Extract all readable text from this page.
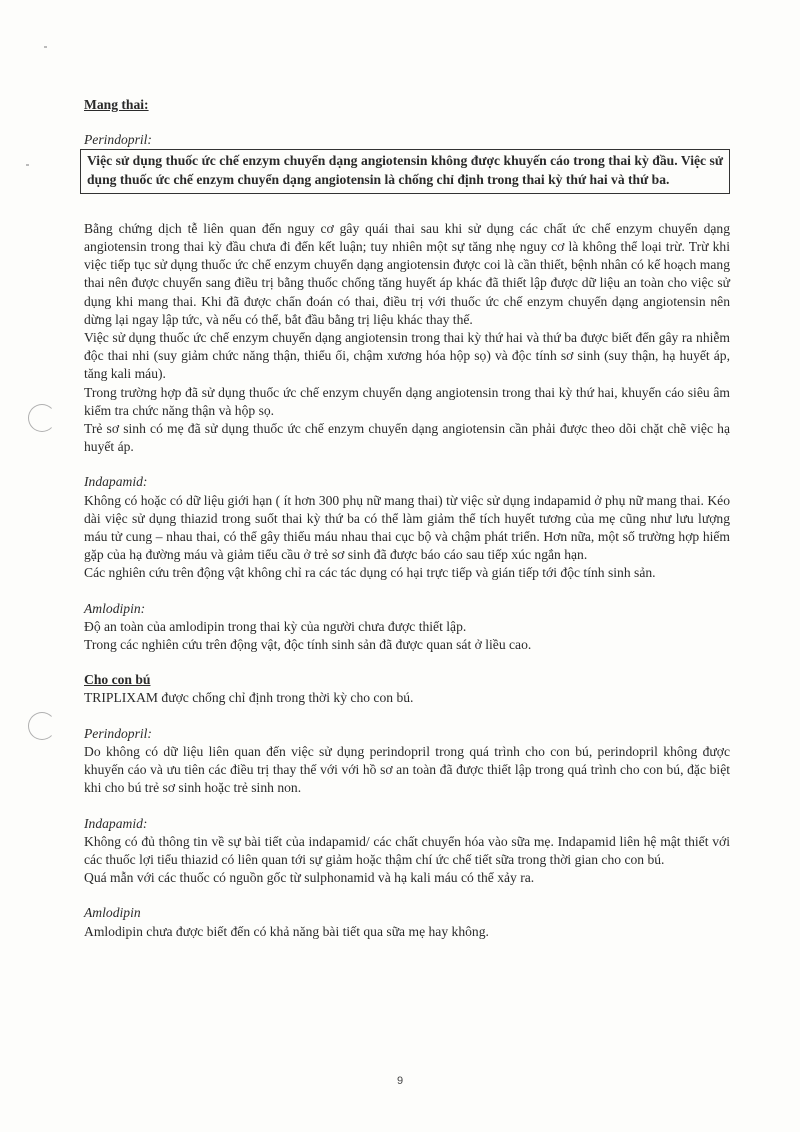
Mang thai:

Perindopril:

Việc sử dụng thuốc ức chế enzym chuyển dạng angiotensin không được khuyến cáo trong thai kỳ đầu. Việc sử dụng thuốc ức chế enzym chuyển dạng angiotensin là chống chỉ định trong thai kỳ thứ hai và thứ ba.

Bằng chứng dịch tễ liên quan đến nguy cơ gây quái thai sau khi sử dụng các chất ức chế enzym chuyển dạng angiotensin trong thai kỳ đầu chưa đi đến kết luận; tuy nhiên một sự tăng nhẹ nguy cơ là không thể loại trừ. Trừ khi việc tiếp tục sử dụng thuốc ức chế enzym chuyển dạng angiotensin được coi là cần thiết, bệnh nhân có kế hoạch mang thai nên được chuyển sang điều trị bằng thuốc chống tăng huyết áp khác đã thiết lập được dữ liệu an toàn cho việc sử dụng khi mang thai. Khi đã được chẩn đoán có thai, điều trị với thuốc ức chế enzym chuyển dạng angiotensin nên dừng lại ngay lập tức, và nếu có thể, bắt đầu bằng trị liệu khác thay thế.

Việc sử dụng thuốc ức chế enzym chuyển dạng angiotensin trong thai kỳ thứ hai và thứ ba được biết đến gây ra nhiễm độc thai nhi (suy giảm chức năng thận, thiểu ối, chậm xương hóa hộp sọ) và độc tính sơ sinh (suy thận, hạ huyết áp, tăng kali máu).

Trong trường hợp đã sử dụng thuốc ức chế enzym chuyển dạng angiotensin trong thai kỳ thứ hai, khuyến cáo siêu âm kiểm tra chức năng thận và hộp sọ.

Trẻ sơ sinh có mẹ đã sử dụng thuốc ức chế enzym chuyển dạng angiotensin cần phải được theo dõi chặt chẽ việc hạ huyết áp.

Indapamid:

Không có hoặc có dữ liệu giới hạn ( ít hơn 300 phụ nữ mang thai) từ việc sử dụng indapamid ở phụ nữ mang thai. Kéo dài việc sử dụng thiazid trong suốt thai kỳ thứ ba có thể làm giảm thể tích huyết tương của mẹ cũng như lưu lượng máu tử cung – nhau thai, có thể gây thiếu máu nhau thai cục bộ và chậm phát triển. Hơn nữa, một số trường hợp hiếm gặp của hạ đường máu và giảm tiểu cầu ở trẻ sơ sinh đã được báo cáo sau tiếp xúc ngắn hạn.

Các nghiên cứu trên động vật không chỉ ra các tác dụng có hại trực tiếp và gián tiếp tới độc tính sinh sản.

Amlodipin:

Độ an toàn của amlodipin trong thai kỳ của người chưa được thiết lập.

Trong các nghiên cứu trên động vật, độc tính sinh sản đã được quan sát ở liều cao.

Cho con bú

TRIPLIXAM được chống chỉ định trong thời kỳ cho con bú.

Perindopril:

Do không có dữ liệu liên quan đến việc sử dụng perindopril trong quá trình cho con bú, perindopril không được khuyến cáo và ưu tiên các điều trị thay thế với với hồ sơ an toàn đã được thiết lập trong quá trình cho con bú, đặc biệt khi cho bú trẻ sơ sinh hoặc trẻ sinh non.

Indapamid:

Không có đủ thông tin về sự bài tiết của indapamid/ các chất chuyển hóa vào sữa mẹ. Indapamid liên hệ mật thiết với các thuốc lợi tiểu thiazid có liên quan tới sự giảm hoặc thậm chí ức chế tiết sữa trong thời gian cho con bú.

Quá mẫn với các thuốc có nguồn gốc từ sulphonamid và hạ kali máu có thể xảy ra.

Amlodipin

Amlodipin chưa được biết đến có khả năng bài tiết qua sữa mẹ hay không.

9
